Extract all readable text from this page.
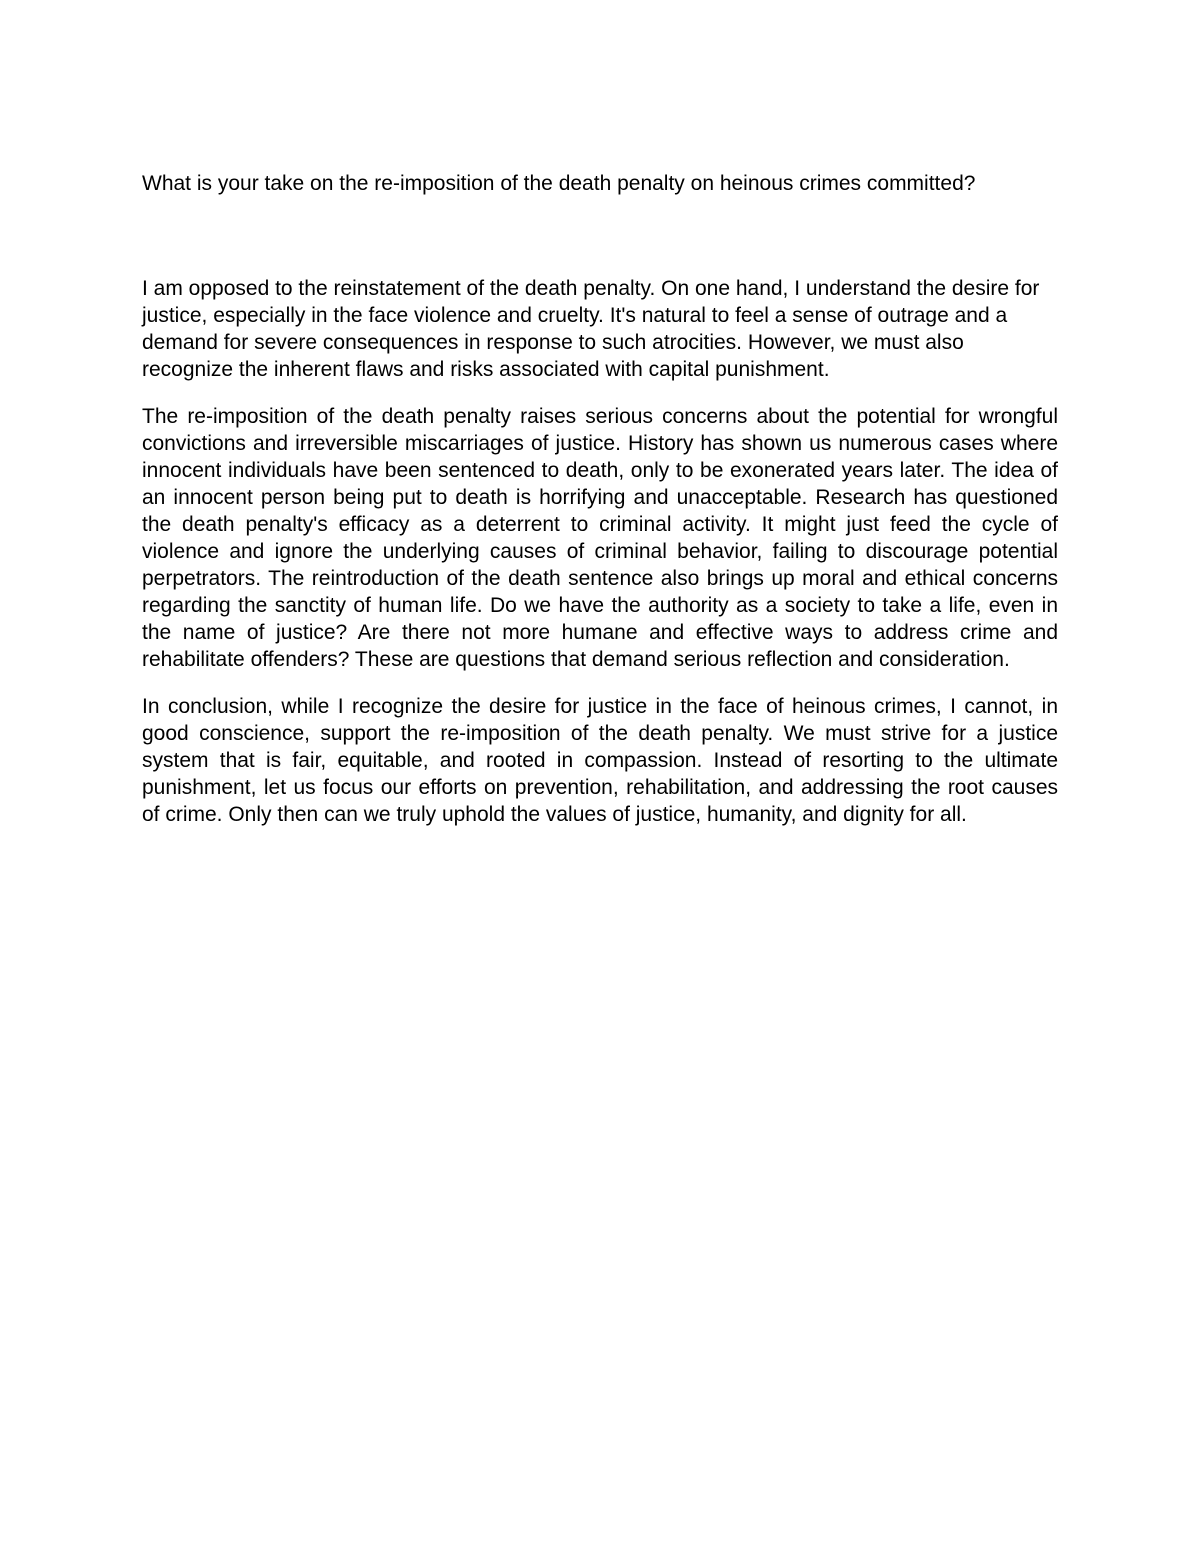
What is your take on the re-imposition of the death penalty on heinous crimes committed?

I am opposed to the reinstatement of the death penalty. On one hand, I understand the desire for justice, especially in the face violence and cruelty. It's natural to feel a sense of outrage and a demand for severe consequences in response to such atrocities. However, we must also recognize the inherent flaws and risks associated with capital punishment.

The re-imposition of the death penalty raises serious concerns about the potential for wrongful convictions and irreversible miscarriages of justice. History has shown us numerous cases where innocent individuals have been sentenced to death, only to be exonerated years later. The idea of an innocent person being put to death is horrifying and unacceptable. Research has questioned the death penalty's efficacy as a deterrent to criminal activity. It might just feed the cycle of violence and ignore the underlying causes of criminal behavior, failing to discourage potential perpetrators. The reintroduction of the death sentence also brings up moral and ethical concerns regarding the sanctity of human life. Do we have the authority as a society to take a life, even in the name of justice? Are there not more humane and effective ways to address crime and rehabilitate offenders? These are questions that demand serious reflection and consideration.

In conclusion, while I recognize the desire for justice in the face of heinous crimes, I cannot, in good conscience, support the re-imposition of the death penalty. We must strive for a justice system that is fair, equitable, and rooted in compassion. Instead of resorting to the ultimate punishment, let us focus our efforts on prevention, rehabilitation, and addressing the root causes of crime. Only then can we truly uphold the values of justice, humanity, and dignity for all.
